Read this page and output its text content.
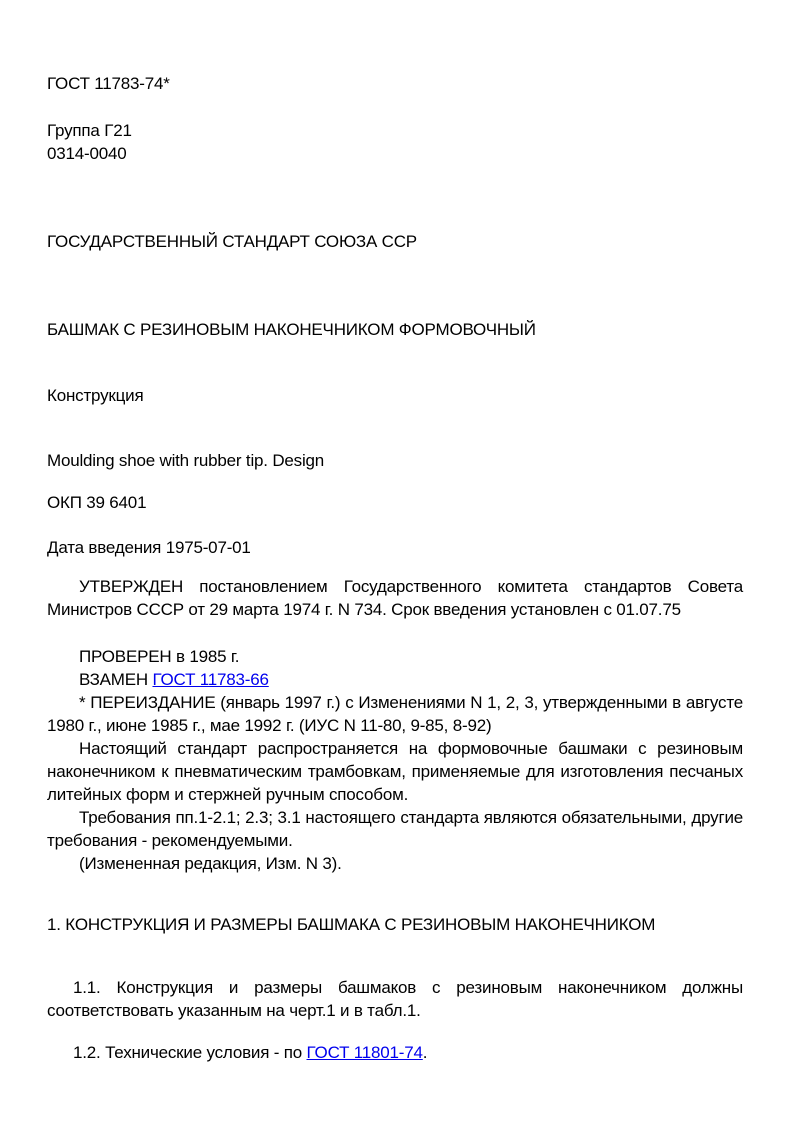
ГОСТ 11783-74*
Группа Г21
0314-0040
ГОСУДАРСТВЕННЫЙ СТАНДАРТ СОЮЗА ССР
БАШМАК С РЕЗИНОВЫМ НАКОНЕЧНИКОМ ФОРМОВОЧНЫЙ
Конструкция
Moulding shoe with rubber tip. Design
ОКП 39 6401
Дата введения 1975-07-01
УТВЕРЖДЕН постановлением Государственного комитета стандартов Совета Министров СССР от 29 марта 1974 г. N 734. Срок введения установлен с 01.07.75
ПРОВЕРЕН в 1985 г.
ВЗАМЕН ГОСТ 11783-66
* ПЕРЕИЗДАНИЕ (январь 1997 г.) с Изменениями N 1, 2, 3, утвержденными в августе 1980 г., июне 1985 г., мае 1992 г. (ИУС N 11-80, 9-85, 8-92)
Настоящий стандарт распространяется на формовочные башмаки с резиновым наконечником к пневматическим трамбовкам, применяемые для изготовления песчаных литейных форм и стержней ручным способом.
Требования пп.1-2.1; 2.3; 3.1 настоящего стандарта являются обязательными, другие требования - рекомендуемыми.
(Измененная редакция, Изм. N 3).
1. КОНСТРУКЦИЯ И РАЗМЕРЫ БАШМАКА С РЕЗИНОВЫМ НАКОНЕЧНИКОМ
1.1. Конструкция и размеры башмаков с резиновым наконечником должны соответствовать указанным на черт.1 и в табл.1.
1.2. Технические условия - по ГОСТ 11801-74.
